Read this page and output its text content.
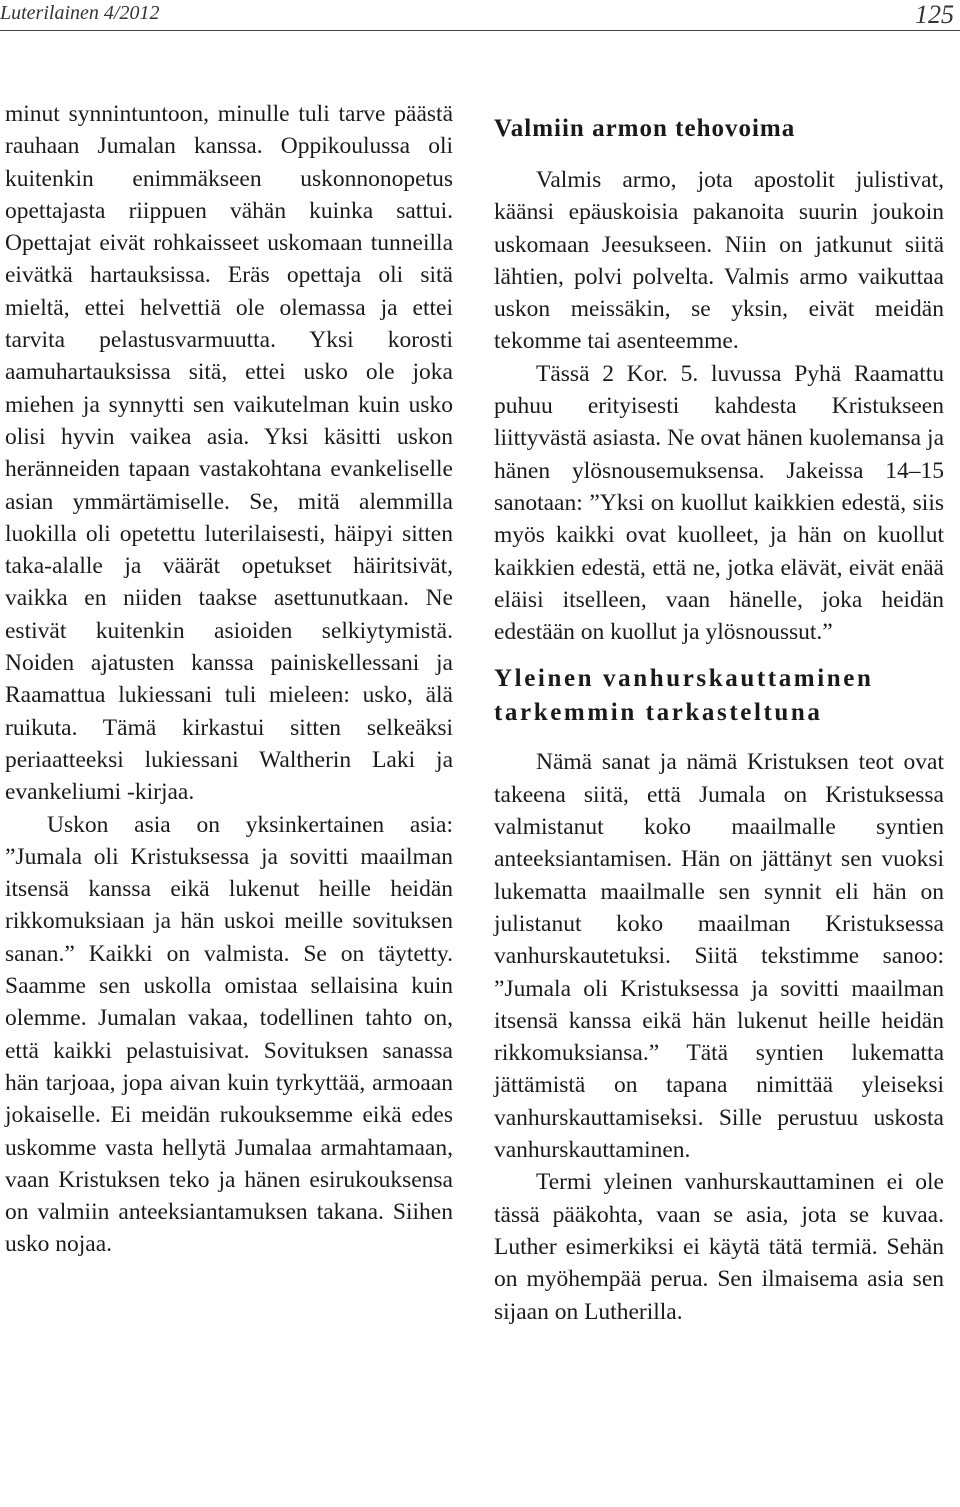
Luterilainen 4/2012	125

minut synnintuntoon, minulle tuli tarve päästä rauhaan Jumalan kanssa. Oppikoulussa oli kuitenkin enimmäkseen uskonnonopetus opettajasta riippuen vähän kuinka sattui. Opettajat eivät rohkaisseet uskomaan tunneilla eivätkä hartauksissa. Eräs opettaja oli sitä mieltä, ettei helvettiä ole olemassa ja ettei tarvita pelastusvarmuutta. Yksi korosti aamuhartauksissa sitä, ettei usko ole joka miehen ja synnytti sen vaikutelman kuin usko olisi hyvin vaikea asia. Yksi käsitti uskon heränneiden tapaan vastakohtana evankeliselle asian ymmärtämiselle. Se, mitä alemmilla luokilla oli opetettu luterilaisesti, häipyi sitten taka-alalle ja väärät opetukset häiritsivät, vaikka en niiden taakse asettunutkaan. Ne estivät kuitenkin asioiden selkiytymistä. Noiden ajatusten kanssa painiskellessani ja Raamattua lukiessani tuli mieleen: usko, älä ruikuta. Tämä kirkastui sitten selkeäksi periaatteeksi lukiessani Waltherin Laki ja evankeliumi -kirjaa.

Uskon asia on yksinkertainen asia: ”Jumala oli Kristuksessa ja sovitti maailman itsensä kanssa eikä lukenut heille heidän rikkomuksiaan ja hän uskoi meille sovituksen sanan.” Kaikki on valmista. Se on täytetty. Saamme sen uskolla omistaa sellaisina kuin olemme. Jumalan vakaa, todellinen tahto on, että kaikki pelastuisivat. Sovituksen sanassa hän tarjoaa, jopa aivan kuin tyrkyttää, armoaan jokaiselle. Ei meidän rukouksemme eikä edes uskomme vasta hellytä Jumalaa armahtamaan, vaan Kristuksen teko ja hänen esirukouksensa on valmiin anteeksiantamuksen takana. Siihen usko nojaa.

Valmiin armon tehovoima

Valmis armo, jota apostolit julistivat, käänsi epäuskoisia pakanoita suurin joukoin uskomaan Jeesukseen. Niin on jatkunut siitä lähtien, polvi polvelta. Valmis armo vaikuttaa uskon meissäkin, se yksin, eivät meidän tekomme tai asenteemme.

Tässä 2 Kor. 5. luvussa Pyhä Raamattu puhuu erityisesti kahdesta Kristukseen liittyvästä asiasta. Ne ovat hänen kuolemansa ja hänen ylösnousemuksensa. Jakeissa 14–15 sanotaan: ”Yksi on kuollut kaikkien edestä, siis myös kaikki ovat kuolleet, ja hän on kuollut kaikkien edestä, että ne, jotka elävät, eivät enää eläisi itselleen, vaan hänelle, joka heidän edestään on kuollut ja ylösnoussut.”

Yleinen vanhurskauttaminen tarkemmin tarkasteltuna

Nämä sanat ja nämä Kristuksen teot ovat takeena siitä, että Jumala on Kristuksessa valmistanut koko maailmalle syntien anteeksiantamisen. Hän on jättänyt sen vuoksi lukematta maailmalle sen synnit eli hän on julistanut koko maailman Kristuksessa vanhurskautetuksi. Siitä tekstimme sanoo: ”Jumala oli Kristuksessa ja sovitti maailman itsensä kanssa eikä hän lukenut heille heidän rikkomuksiansa.” Tätä syntien lukematta jättämistä on tapana nimittää yleiseksi vanhurskauttamiseksi. Sille perustuu uskosta vanhurskauttaminen.

Termi yleinen vanhurskauttaminen ei ole tässä pääkohta, vaan se asia, jota se kuvaa. Luther esimerkiksi ei käytä tätä termiä. Sehän on myöhempää perua. Sen ilmaisema asia sen sijaan on Lutherilla.
